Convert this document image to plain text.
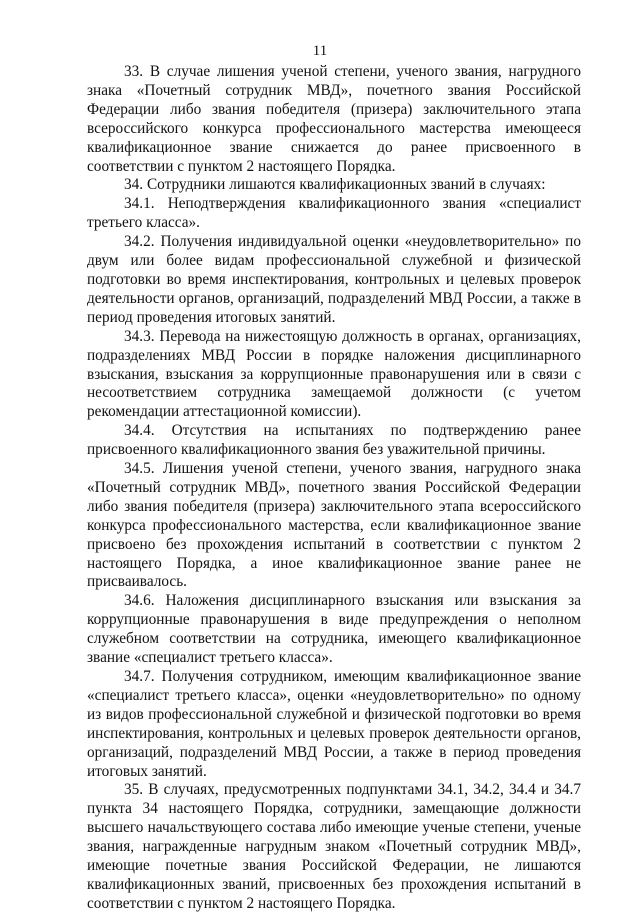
11

33. В случае лишения ученой степени, ученого звания, нагрудного знака «Почетный сотрудник МВД», почетного звания Российской Федерации либо звания победителя (призера) заключительного этапа всероссийского конкурса профессионального мастерства имеющееся квалификационное звание снижается до ранее присвоенного в соответствии с пунктом 2 настоящего Порядка.

34. Сотрудники лишаются квалификационных званий в случаях:

34.1. Неподтверждения квалификационного звания «специалист третьего класса».

34.2. Получения индивидуальной оценки «неудовлетворительно» по двум или более видам профессиональной служебной и физической подготовки во время инспектирования, контрольных и целевых проверок деятельности органов, организаций, подразделений МВД России, а также в период проведения итоговых занятий.

34.3. Перевода на нижестоящую должность в органах, организациях, подразделениях МВД России в порядке наложения дисциплинарного взыскания, взыскания за коррупционные правонарушения или в связи с несоответствием сотрудника замещаемой должности (с учетом рекомендации аттестационной комиссии).

34.4. Отсутствия на испытаниях по подтверждению ранее присвоенного квалификационного звания без уважительной причины.

34.5. Лишения ученой степени, ученого звания, нагрудного знака «Почетный сотрудник МВД», почетного звания Российской Федерации либо звания победителя (призера) заключительного этапа всероссийского конкурса профессионального мастерства, если квалификационное звание присвоено без прохождения испытаний в соответствии с пунктом 2 настоящего Порядка, а иное квалификационное звание ранее не присваивалось.

34.6. Наложения дисциплинарного взыскания или взыскания за коррупционные правонарушения в виде предупреждения о неполном служебном соответствии на сотрудника, имеющего квалификационное звание «специалист третьего класса».

34.7. Получения сотрудником, имеющим квалификационное звание «специалист третьего класса», оценки «неудовлетворительно» по одному из видов профессиональной служебной и физической подготовки во время инспектирования, контрольных и целевых проверок деятельности органов, организаций, подразделений МВД России, а также в период проведения итоговых занятий.

35. В случаях, предусмотренных подпунктами 34.1, 34.2, 34.4 и 34.7 пункта 34 настоящего Порядка, сотрудники, замещающие должности высшего начальствующего состава либо имеющие ученые степени, ученые звания, награжденные нагрудным знаком «Почетный сотрудник МВД», имеющие почетные звания Российской Федерации, не лишаются квалификационных званий, присвоенных без прохождения испытаний в соответствии с пунктом 2 настоящего Порядка.
